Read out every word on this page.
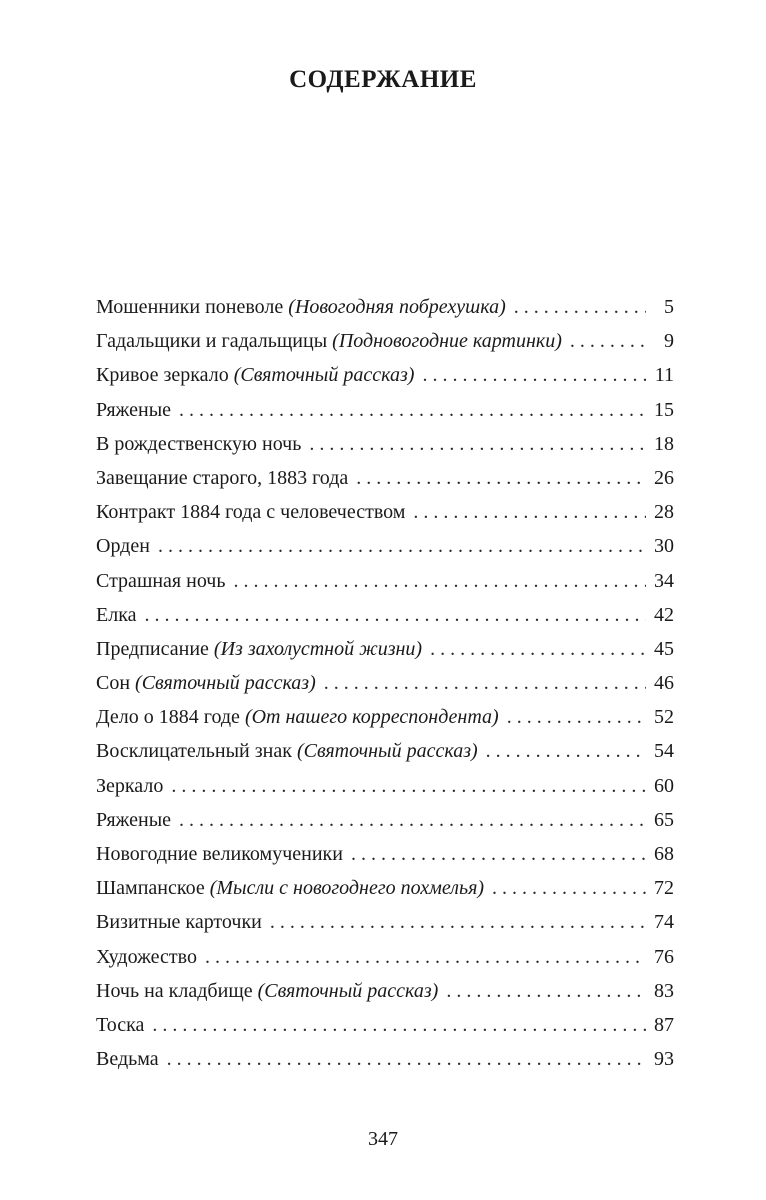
СОДЕРЖАНИЕ
Мошенники поневоле (Новогодняя побрехушка) . . .	5
Гадальщики и гадальщицы (Подновогодние картинки) . . .	9
Кривое зеркало (Святочный рассказ) . . .	11
Ряженые . . .	15
В рождественскую ночь . . .	18
Завещание старого, 1883 года . . .	26
Контракт 1884 года с человечеством . . .	28
Орден . . .	30
Страшная ночь . . .	34
Елка . . .	42
Предписание (Из захолустной жизни) . . .	45
Сон (Святочный рассказ) . . .	46
Дело о 1884 годе (От нашего корреспондента) . . .	52
Восклицательный знак (Святочный рассказ) . . .	54
Зеркало . . .	60
Ряженые . . .	65
Новогодние великомученики . . .	68
Шампанское (Мысли с новогоднего похмелья) . . .	72
Визитные карточки . . .	74
Художество . . .	76
Ночь на кладбище (Святочный рассказ) . . .	83
Тоска . . .	87
Ведьма . . .	93
347
